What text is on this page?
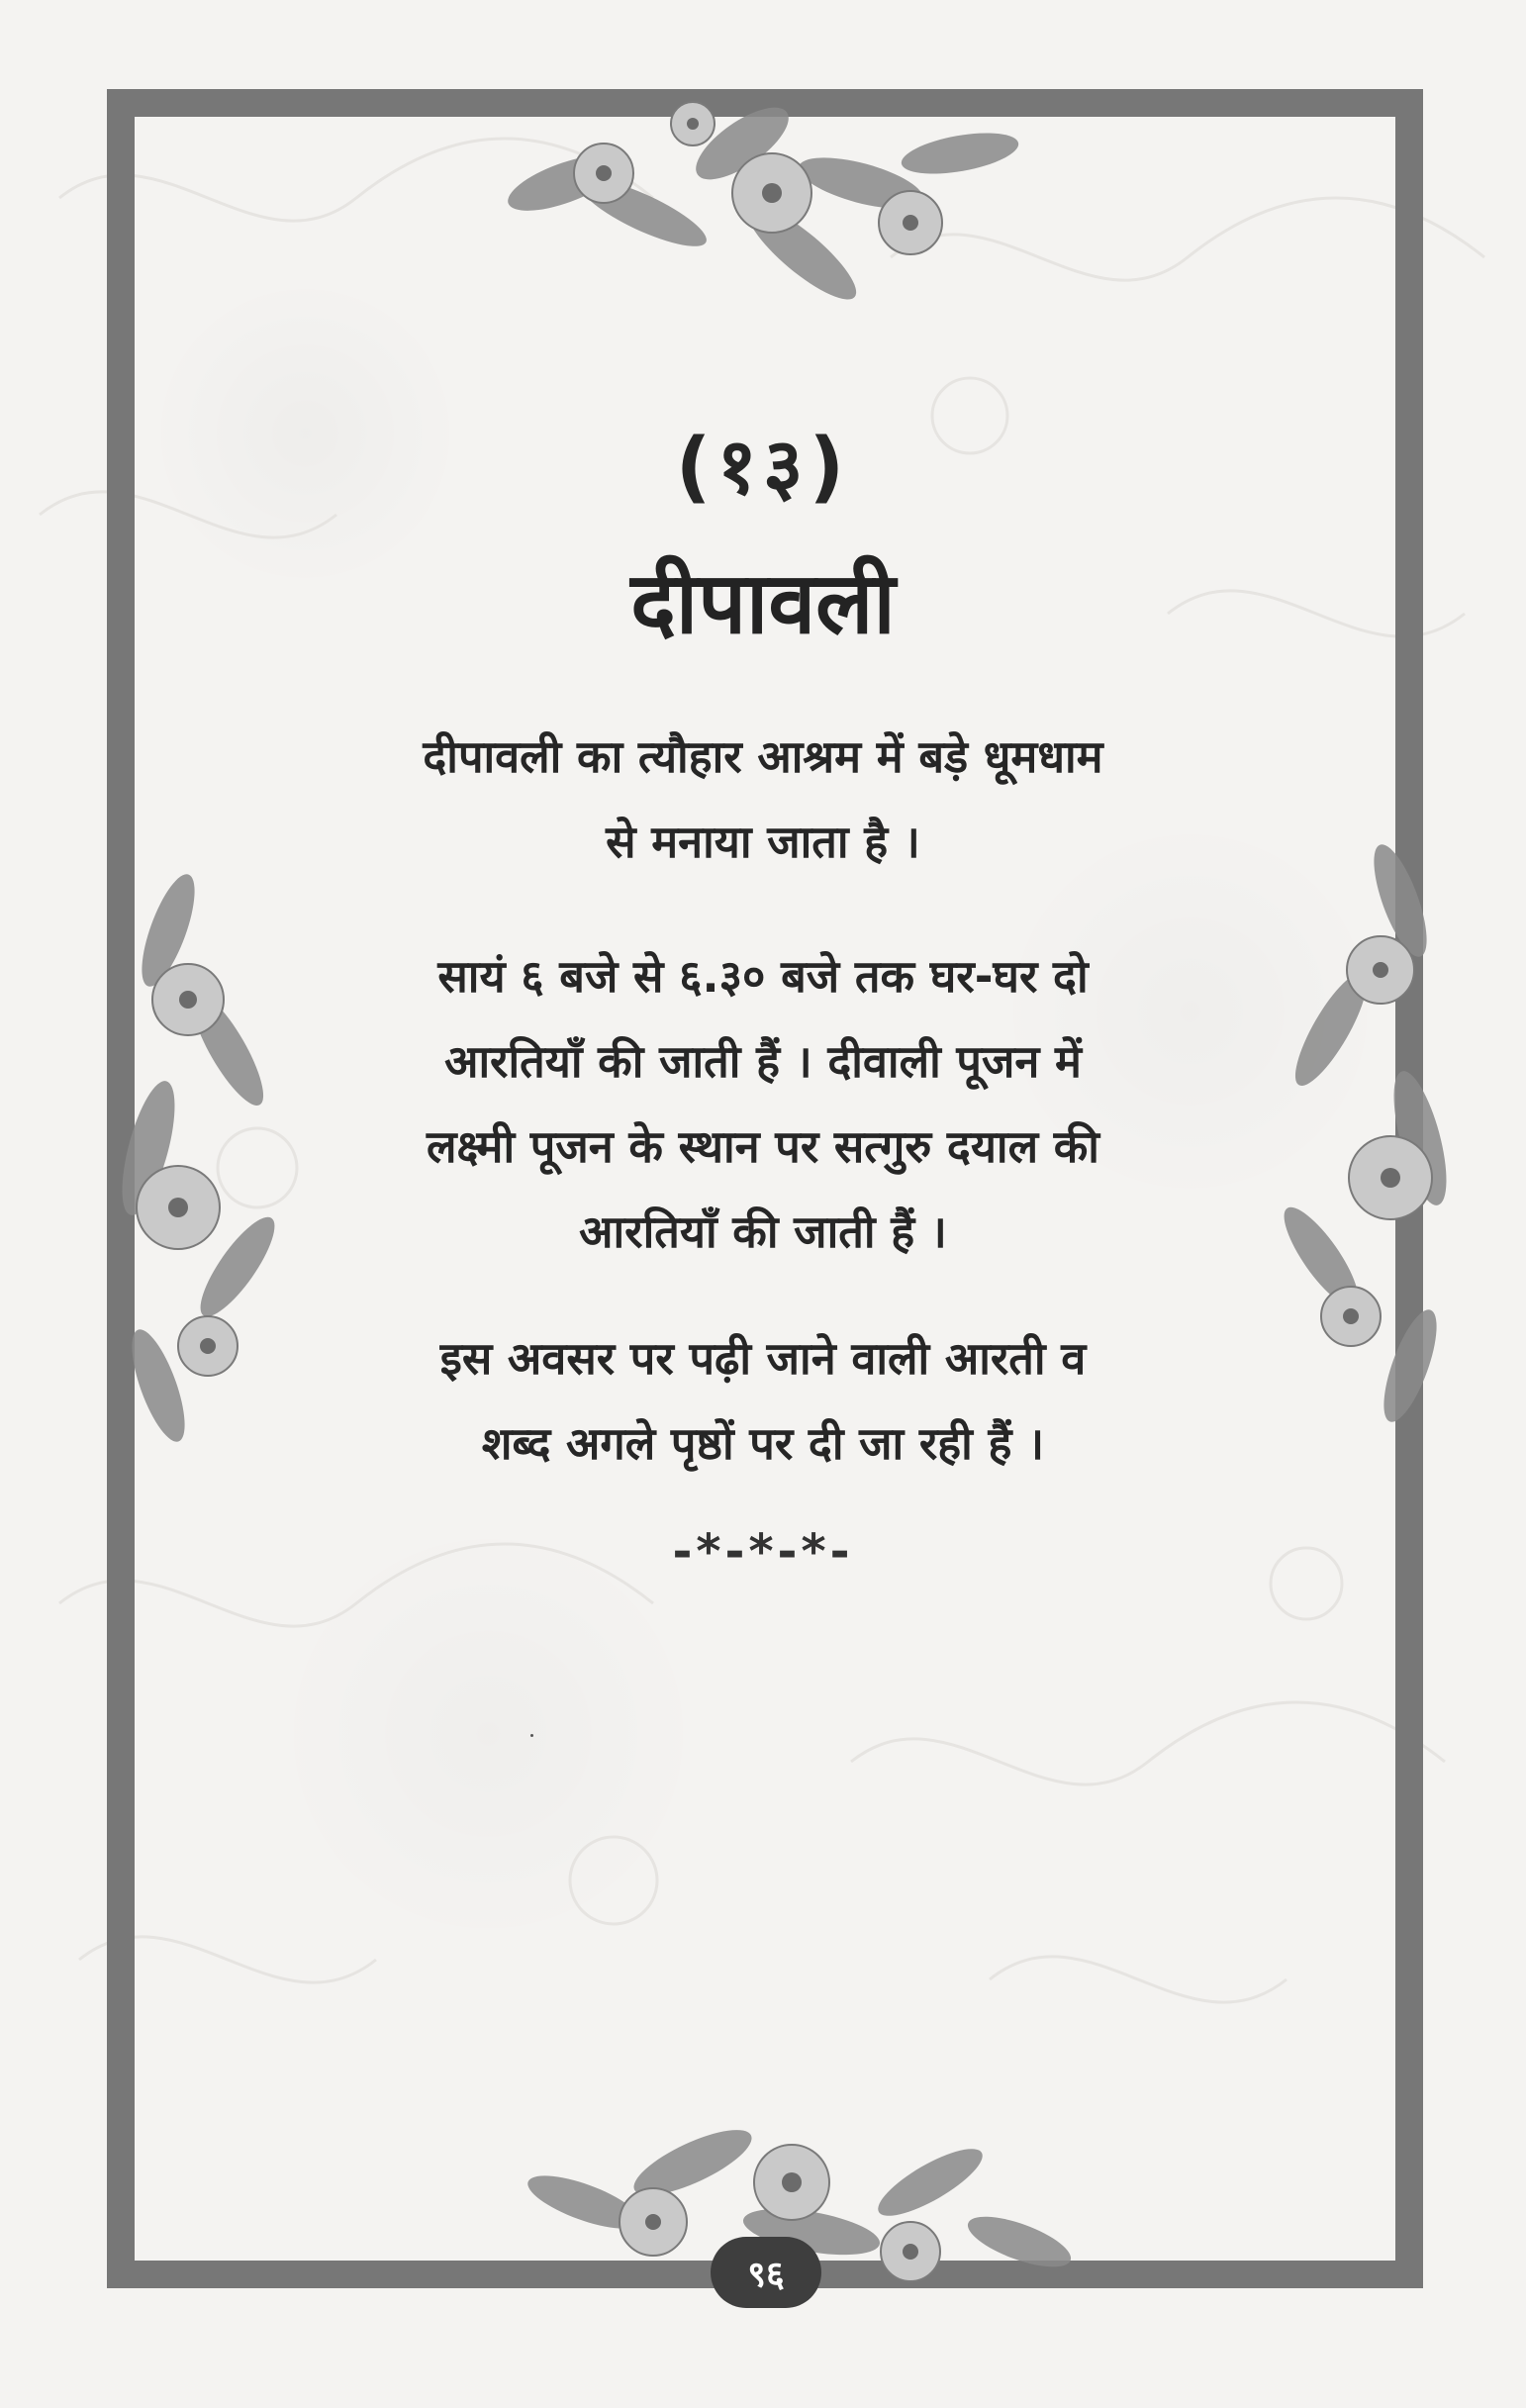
(१३)
दीपावली

दीपावली का त्यौहार आश्रम में बड़े धूमधाम
से मनाया जाता है ।

सायं ६ बजे से ६.३० बजे तक घर-घर दो
आरतियाँ की जाती हैं । दीवाली पूजन में
लक्ष्मी पूजन के स्थान पर सत्गुरु दयाल की
आरतियाँ की जाती हैं ।

इस अवसर पर पढ़ी जाने वाली आरती व
शब्द अगले पृष्ठों पर दी जा रही हैं ।

-*-*-*-
९६
